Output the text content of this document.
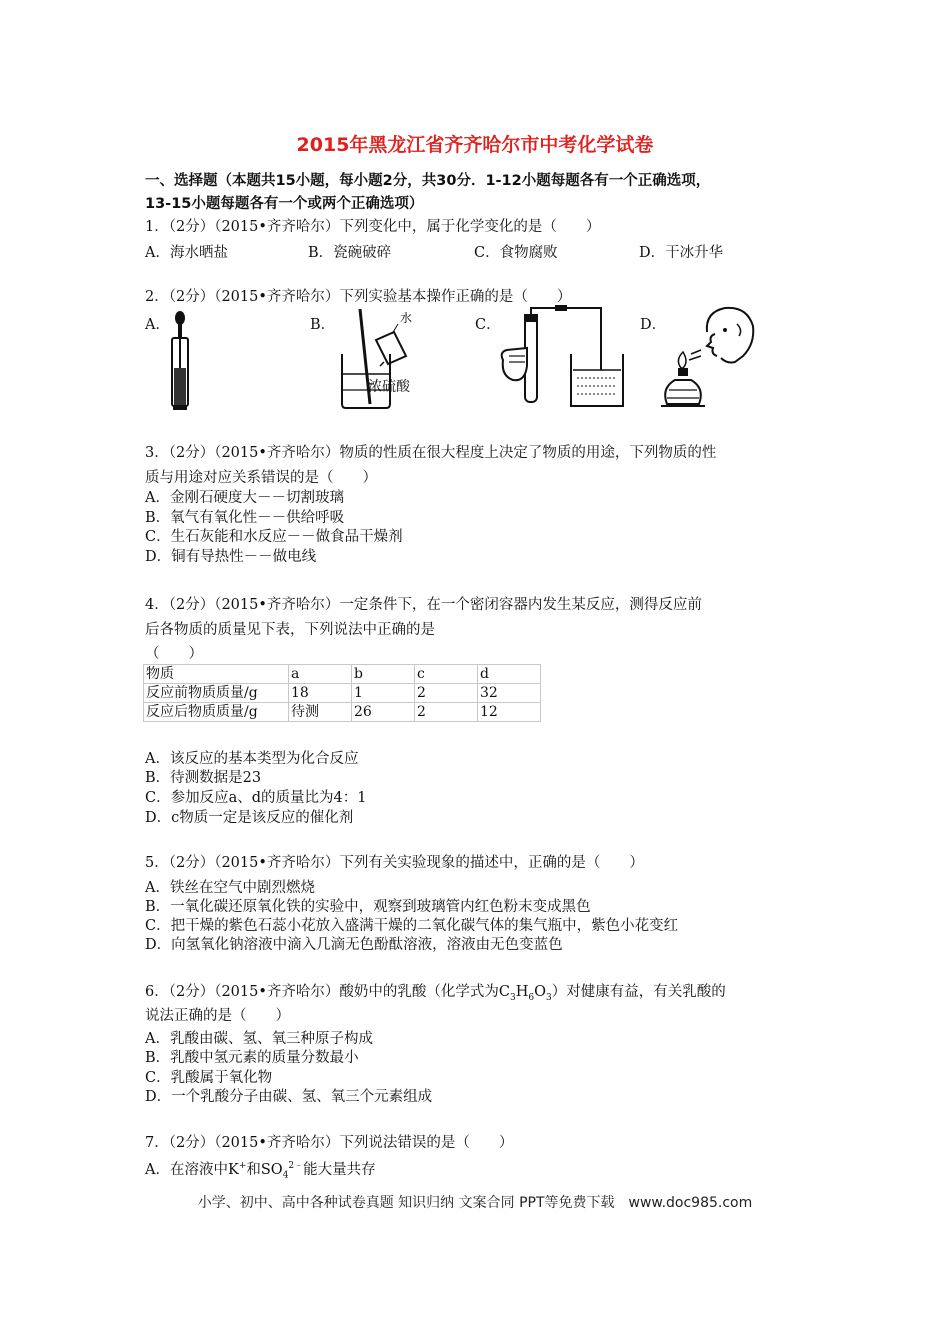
2015年黑龙江省齐齐哈尔市中考化学试卷
一、选择题（本题共15小题，每小题2分，共30分．1-12小题每题各有一个正确选项，
13-15小题每题各有一个或两个正确选项）
1．（2分）（2015•齐齐哈尔）下列变化中，属于化学变化的是（　　）
A．海水晒盐	B．瓷碗破碎	C．食物腐败	D．干冰升华
2．（2分）（2015•齐齐哈尔）下列实验基本操作正确的是（　　）
A．	B．	C．	D．
水
浓硫酸

3．（2分）（2015•齐齐哈尔）物质的性质在很大程度上决定了物质的用途，下列物质的性

质与用途对应关系错误的是（　　）

A．金刚石硬度大－－切割玻璃
B．氧气有氧化性－－供给呼吸
C．生石灰能和水反应－－做食品干燥剂
D．铜有导热性－－做电线
4．（2分）（2015•齐齐哈尔）一定条件下，在一个密闭容器内发生某反应，测得反应前
后各物质的质量见下表，下列说法中正确的是
（　　）
物质	a	b	c	d
反应前物质质量/g	18	1	2	32
反应后物质质量/g	待测	26	2	12
A．该反应的基本类型为化合反应
B．待测数据是23
C．参加反应a、d的质量比为4：1
D．c物质一定是该反应的催化剂
5．（2分）（2015•齐齐哈尔）下列有关实验现象的描述中，正确的是（　　）
A．铁丝在空气中剧烈燃烧
B．一氧化碳还原氧化铁的实验中，观察到玻璃管内红色粉末变成黑色
C．把干燥的紫色石蕊小花放入盛满干燥的二氧化碳气体的集气瓶中，紫色小花变红
D．向氢氧化钠溶液中滴入几滴无色酚酞溶液，溶液由无色变蓝色
6．（2分）（2015•齐齐哈尔）酸奶中的乳酸（化学式为$C_3H_6O_3$）对健康有益，有关乳酸的
说法正确的是（　　）
A．乳酸由碳、氢、氧三种原子构成
B．乳酸中氢元素的质量分数最小
C．乳酸属于氧化物
D．一个乳酸分子由碳、氢、氧三个元素组成
7．（2分）（2015•齐齐哈尔）下列说法错误的是（　　）
A．在溶液中K+和$SO_4^{2﹣}$能大量共存
小学、初中、高中各种试卷真题 知识归纳 文案合同 PPT等免费下载　www.doc985.com
